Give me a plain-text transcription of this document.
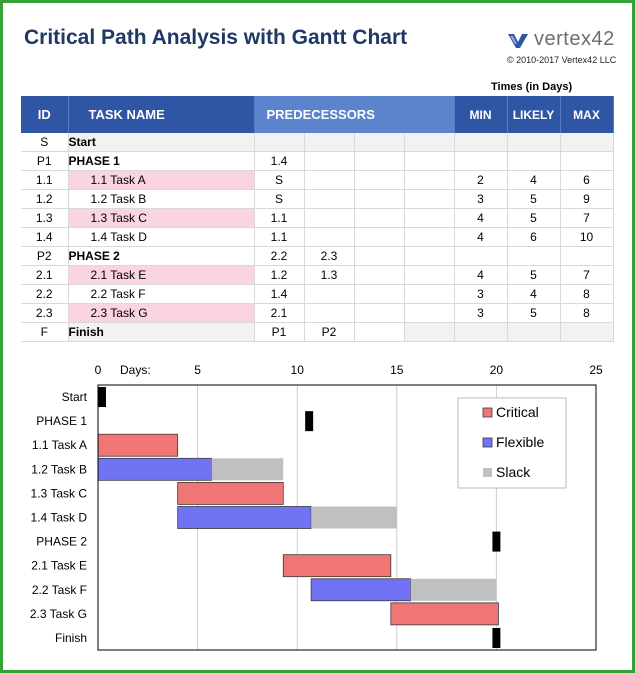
Critical Path Analysis with Gantt Chart	vertex42
© 2010-2017 Vertex42 LLC
Times (in Days)
ID	TASK NAME	PREDECESSORS				MIN	LIKELY	MAX
S	Start							
P1	PHASE 1	1.4						
1.1	1.1 Task A	S				2	4	6
1.2	1.2 Task B	S				3	5	9
1.3	1.3 Task C	1.1				4	5	7
1.4	1.4 Task D	1.1				4	6	10
P2	PHASE 2	2.2	2.3					
2.1	2.1 Task E	1.2	1.3			4	5	7
2.2	2.2 Task F	1.4				3	4	8
2.3	2.3 Task G	2.1				3	5	8
F	Finish	P1	P2					
0	5	10	15	20	25
Days:
Start
PHASE 1
1.1 Task A
1.2 Task B
1.3 Task C
1.4 Task D
PHASE 2
2.1 Task E
2.2 Task F
2.3 Task G
Finish
Critical
Flexible
Slack
